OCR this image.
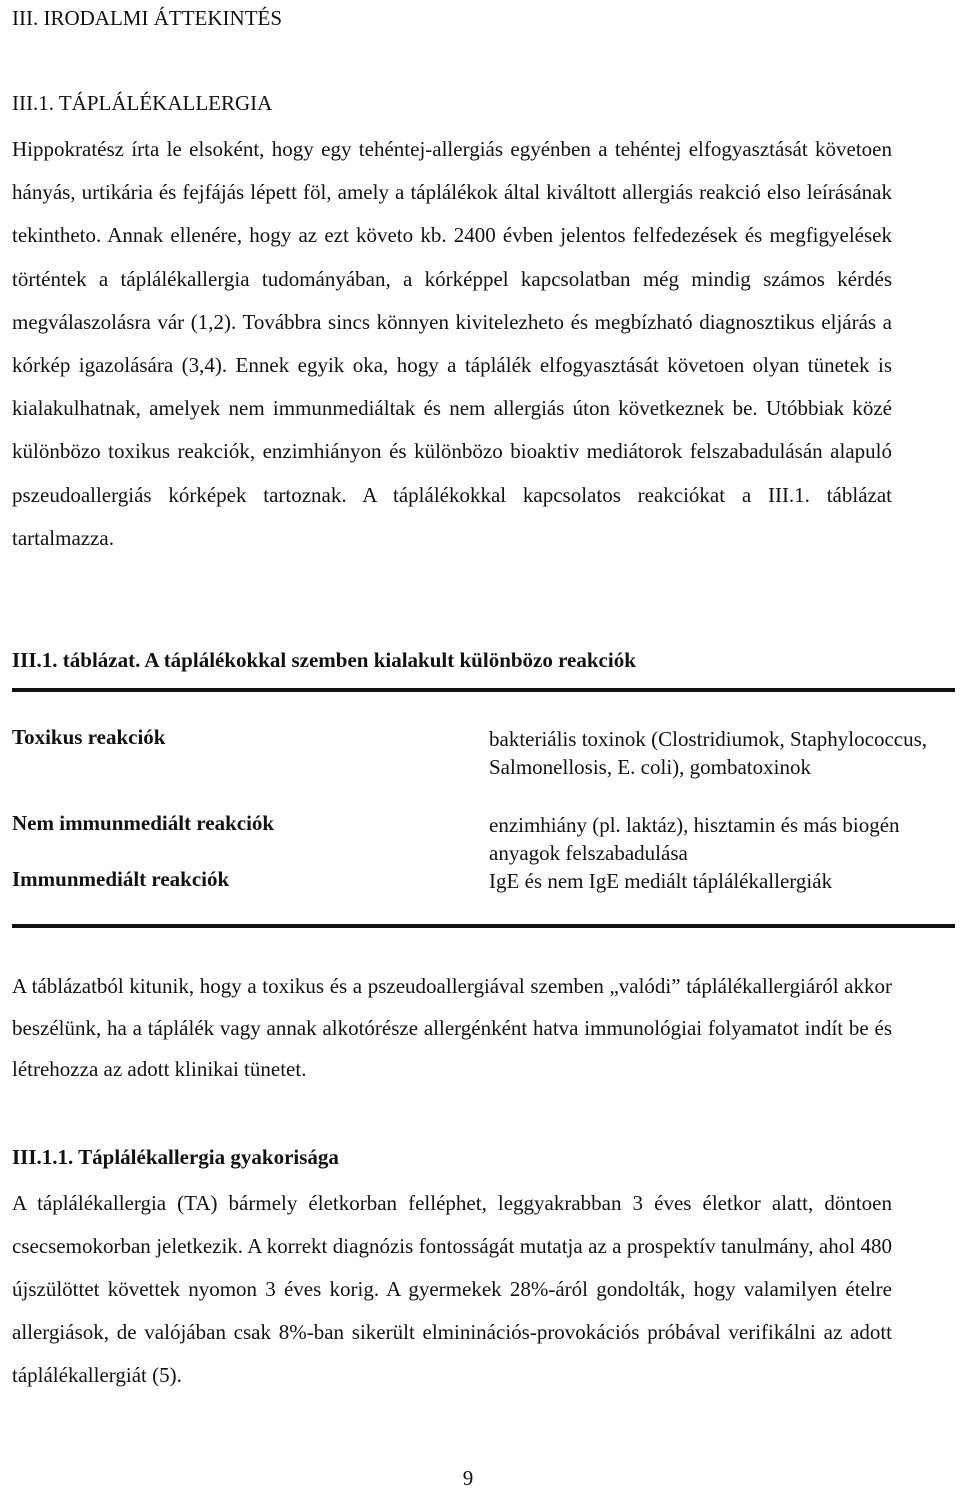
III. IRODALMI ÁTTEKINTÉS
III.1. TÁPLÁLÉKALLERGIA

Hippokratész írta le elsoként, hogy egy tehéntej-allergiás egyénben a tehéntej elfogyasztását követoen hányás, urtikária és fejfájás lépett föl, amely a táplálékok által kiváltott allergiás reakció elso leírásának tekintheto. Annak ellenére, hogy az ezt követo kb. 2400 évben jelentos felfedezések és megfigyelések történtek a táplálékallergia tudományában, a kórképpel kapcsolatban még mindig számos kérdés megválaszolásra vár (1,2). Továbbra sincs könnyen kivitelezheto és megbízható diagnosztikus eljárás a kórkép igazolására (3,4). Ennek egyik oka, hogy a táplálék elfogyasztását követoen olyan tünetek is kialakulhatnak, amelyek nem immunmediáltak és nem allergiás úton következnek be. Utóbbiak közé különbözo toxikus reakciók, enzimhiányon és különbözo bioaktiv mediátorok felszabadulásán alapuló pszeudoallergiás kórképek tartoznak. A táplálékokkal kapcsolatos reakciókat a III.1. táblázat tartalmazza.

III.1. táblázat. A táplálékokkal szemben kialakult különbözo reakciók
Toxikus reakciók	bakteriális toxinok (Clostridiumok, Staphylococcus, Salmonellosis, E. coli), gombatoxinok
Nem immunmediált reakciók	enzimhiány (pl. laktáz), hisztamin és más biogén anyagok felszabadulása
Immunmediált reakciók	IgE és nem IgE mediált táplálékallergiák

A táblázatból kitunik, hogy a toxikus és a pszeudoallergiával szemben „valódi” táplálékallergiáról akkor beszélünk, ha a táplálék vagy annak alkotórésze allergénként hatva immunológiai folyamatot indít be és létrehozza az adott klinikai tünetet.

III.1.1. Táplálékallergia gyakorisága

A táplálékallergia (TA) bármely életkorban felléphet, leggyakrabban 3 éves életkor alatt, döntoen csecsemokorban jeletkezik. A korrekt diagnózis fontosságát mutatja az a prospektív tanulmány, ahol 480 újszülöttet követtek nyomon 3 éves korig. A gyermekek 28%-áról gondolták, hogy valamilyen ételre allergiások, de valójában csak 8%-ban sikerült elmininációs-provokációs próbával verifikálni az adott táplálékallergiát (5).

9
